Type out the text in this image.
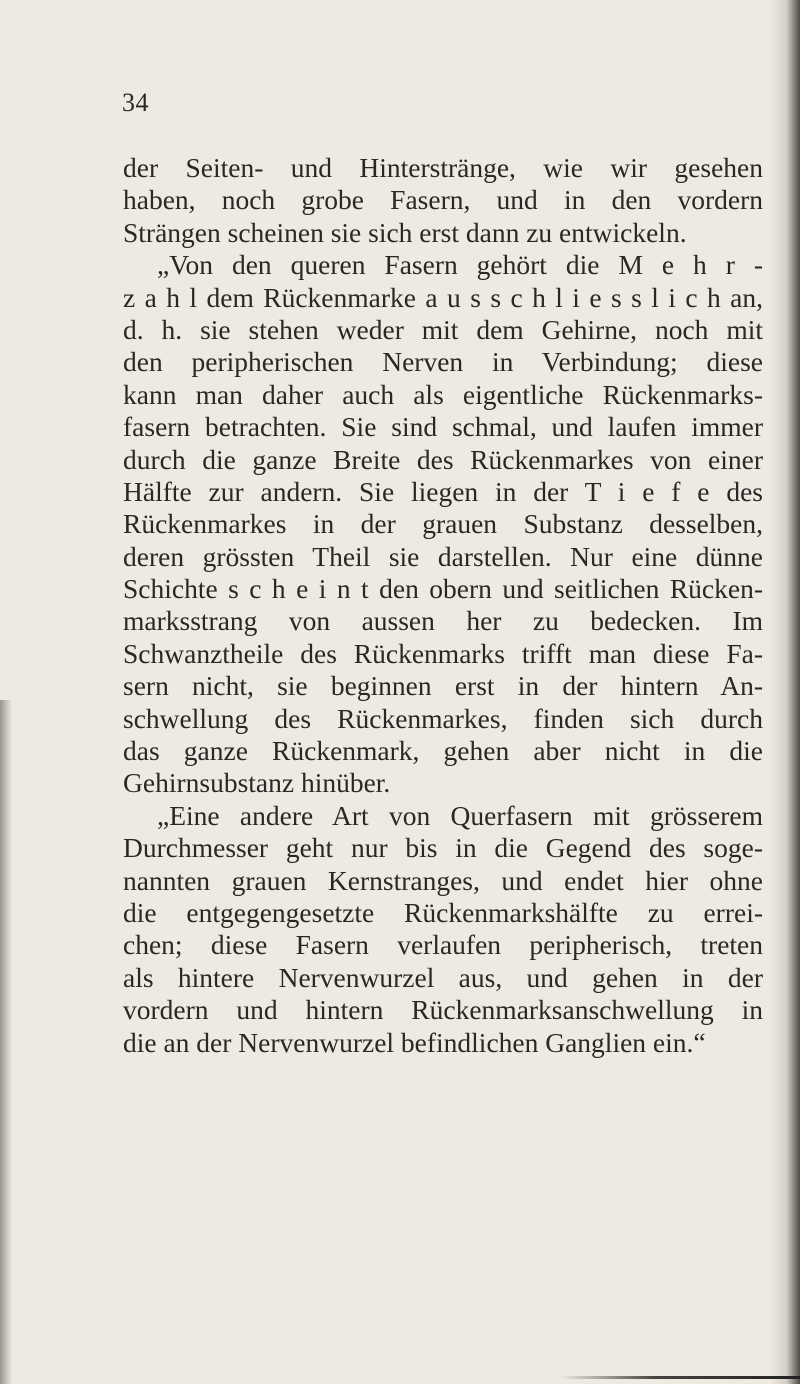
34
der Seiten- und Hinterstränge, wie wir gesehen
haben, noch grobe Fasern, und in den vordern
Strängen scheinen sie sich erst dann zu entwickeln.
„Von den queren Fasern gehört die M e h r -
z a h l dem Rückenmarke a u s s c h l i e s s l i c h an,
d. h. sie stehen weder mit dem Gehirne, noch mit
den peripherischen Nerven in Verbindung; diese
kann man daher auch als eigentliche Rückenmarks-
fasern betrachten. Sie sind schmal, und laufen immer
durch die ganze Breite des Rückenmarkes von einer
Hälfte zur andern. Sie liegen in der T i e f e des
Rückenmarkes in der grauen Substanz desselben,
deren grössten Theil sie darstellen. Nur eine dünne
Schichte s c h e i n t den obern und seitlichen Rücken-
marksstrang von aussen her zu bedecken. Im
Schwanztheile des Rückenmarks trifft man diese Fa-
sern nicht, sie beginnen erst in der hintern An-
schwellung des Rückenmarkes, finden sich durch
das ganze Rückenmark, gehen aber nicht in die
Gehirnsubstanz hinüber.
„Eine andere Art von Querfasern mit grösserem
Durchmesser geht nur bis in die Gegend des soge-
nannten grauen Kernstranges, und endet hier ohne
die entgegengesetzte Rückenmarkshälfte zu errei-
chen; diese Fasern verlaufen peripherisch, treten
als hintere Nervenwurzel aus, und gehen in der
vordern und hintern Rückenmarksanschwellung in
die an der Nervenwurzel befindlichen Ganglien ein.“
